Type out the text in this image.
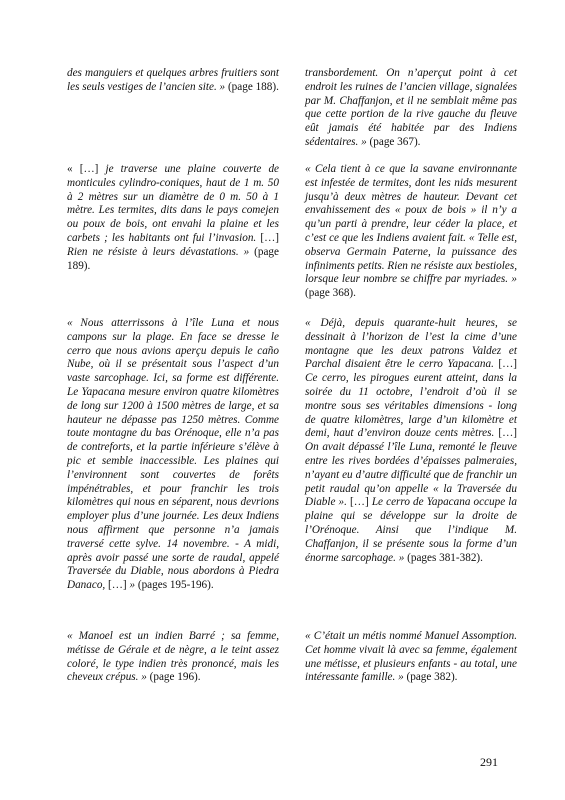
des manguiers et quelques arbres fruitiers sont les seuls vestiges de l’ancien site. » (page 188).

« […] je traverse une plaine couverte de monticules cylindro-coniques, haut de 1 m. 50 à 2 mètres sur un diamètre de 0 m. 50 à 1 mètre. Les termites, dits dans le pays comejen ou poux de bois, ont envahi la plaine et les carbets ; les habitants ont fui l’invasion. […] Rien ne résiste à leurs dévastations. » (page 189).

« Nous atterrissons à l’île Luna et nous campons sur la plage. En face se dresse le cerro que nous avions aperçu depuis le caño Nube, où il se présentait sous l’aspect d’un vaste sarcophage. Ici, sa forme est différente. Le Yapacana mesure environ quatre kilomètres de long sur 1200 à 1500 mètres de large, et sa hauteur ne dépasse pas 1250 mètres. Comme toute montagne du bas Orénoque, elle n’a pas de contreforts, et la partie inférieure s’élève à pic et semble inaccessible. Les plaines qui l’environnent sont couvertes de forêts impénétrables, et pour franchir les trois kilomètres qui nous en séparent, nous devrions employer plus d’une journée. Les deux Indiens nous affirment que personne n’a jamais traversé cette sylve. 14 novembre. - A midi, après avoir passé une sorte de raudal, appelé Traversée du Diable, nous abordons à Piedra Danaco, […] » (pages 195-196).

« Manoel est un indien Barré ; sa femme, métisse de Gérale et de nègre, a le teint assez coloré, le type indien très prononcé, mais les cheveux crépus. » (page 196).

transbordement. On n’aperçut point à cet endroit les ruines de l’ancien village, signalées par M. Chaffanjon, et il ne semblait même pas que cette portion de la rive gauche du fleuve eût jamais été habitée par des Indiens sédentaires. » (page 367).

« Cela tient à ce que la savane environnante est infestée de termites, dont les nids mesurent jusqu’à deux mètres de hauteur. Devant cet envahissement des « poux de bois » il n’y a qu’un parti à prendre, leur céder la place, et c’est ce que les Indiens avaient fait. « Telle est, observa Germain Paterne, la puissance des infiniments petits. Rien ne résiste aux bestioles, lorsque leur nombre se chiffre par myriades. » (page 368).

« Déjà, depuis quarante-huit heures, se dessinait à l’horizon de l’est la cime d’une montagne que les deux patrons Valdez et Parchal disaient être le cerro Yapacana. […] Ce cerro, les pirogues eurent atteint, dans la soirée du 11 octobre, l’endroit d’où il se montre sous ses véritables dimensions - long de quatre kilomètres, large d’un kilomètre et demi, haut d’environ douze cents mètres. […] On avait dépassé l’île Luna, remonté le fleuve entre les rives bordées d’épaisses palmeraies, n’ayant eu d’autre difficulté que de franchir un petit raudal qu’on appelle « la Traversée du Diable ». […] Le cerro de Yapacana occupe la plaine qui se développe sur la droite de l’Orénoque. Ainsi que l’indique M. Chaffanjon, il se présente sous la forme d’un énorme sarcophage. » (pages 381-382).

« C’était un métis nommé Manuel Assomption. Cet homme vivait là avec sa femme, également une métisse, et plusieurs enfants - au total, une intéressante famille. » (page 382).

291
